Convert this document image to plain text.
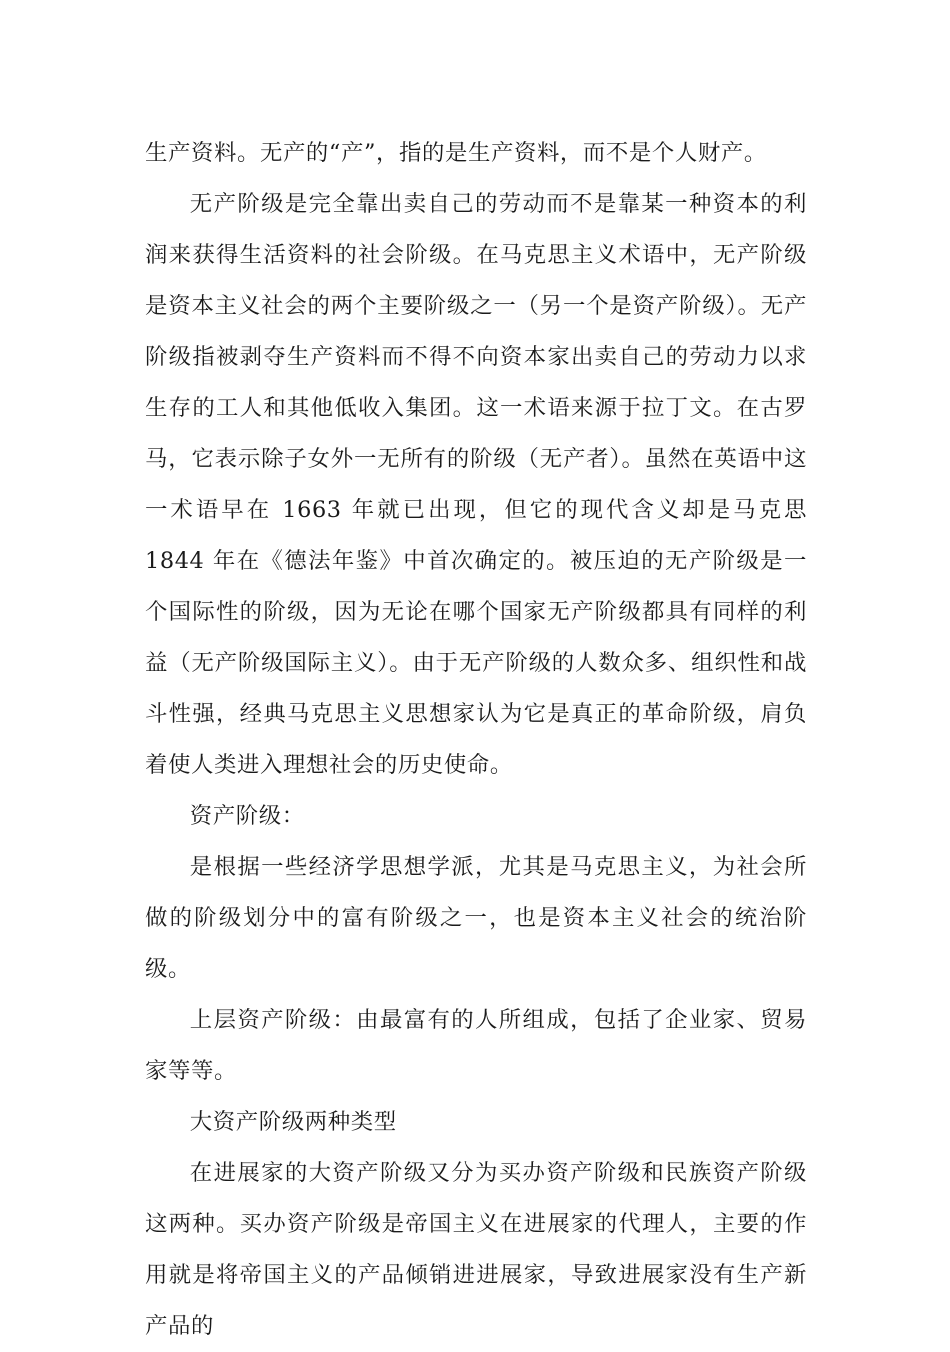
生产资料。无产的“产”，指的是生产资料，而不是个人财产。

无产阶级是完全靠出卖自己的劳动而不是靠某一种资本的利润来获得生活资料的社会阶级。在马克思主义术语中，无产阶级是资本主义社会的两个主要阶级之一（另一个是资产阶级）。无产阶级指被剥夺生产资料而不得不向资本家出卖自己的劳动力以求生存的工人和其他低收入集团。这一术语来源于拉丁文。在古罗马，它表示除子女外一无所有的阶级（无产者）。虽然在英语中这一术语早在 1663 年就已出现，但它的现代含义却是马克思 1844 年在《德法年鉴》中首次确定的。被压迫的无产阶级是一个国际性的阶级，因为无论在哪个国家无产阶级都具有同样的利益（无产阶级国际主义）。由于无产阶级的人数众多、组织性和战斗性强，经典马克思主义思想家认为它是真正的革命阶级，肩负着使人类进入理想社会的历史使命。

资产阶级：

是根据一些经济学思想学派，尤其是马克思主义，为社会所做的阶级划分中的富有阶级之一，也是资本主义社会的统治阶级。

上层资产阶级：由最富有的人所组成，包括了企业家、贸易家等等。

大资产阶级两种类型

在进展家的大资产阶级又分为买办资产阶级和民族资产阶级这两种。买办资产阶级是帝国主义在进展家的代理人，主要的作用就是将帝国主义的产品倾销进进展家，导致进展家没有生产新产品的
